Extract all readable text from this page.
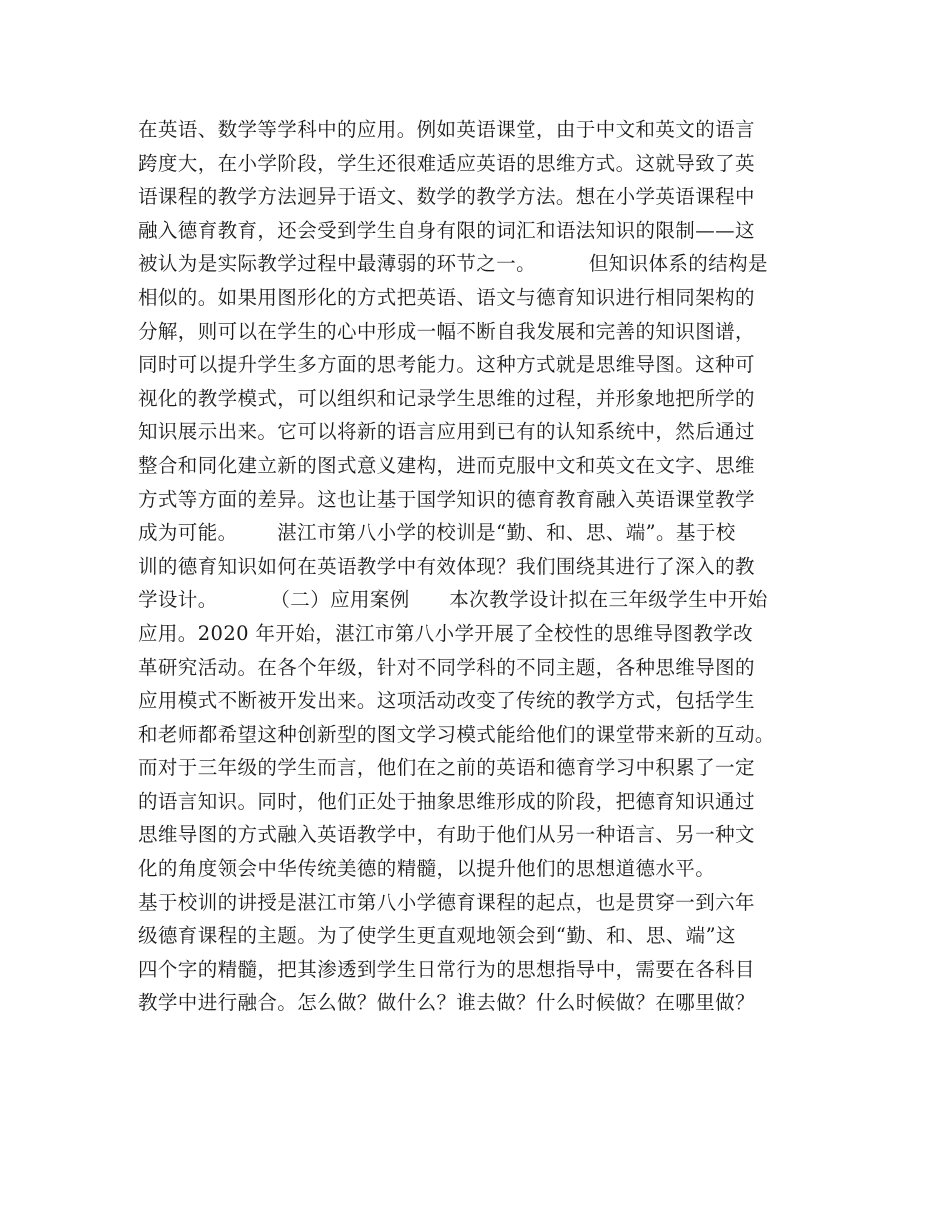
在英语、数学等学科中的应用。例如英语课堂，由于中文和英文的语言
跨度大，在小学阶段，学生还很难适应英语的思维方式。这就导致了英
语课程的教学方法迥异于语文、数学的教学方法。想在小学英语课程中
融入德育教育，还会受到学生自身有限的词汇和语法知识的限制——这
被认为是实际教学过程中最薄弱的环节之一。        但知识体系的结构是
相似的。如果用图形化的方式把英语、语文与德育知识进行相同架构的
分解，则可以在学生的心中形成一幅不断自我发展和完善的知识图谱，
同时可以提升学生多方面的思考能力。这种方式就是思维导图。这种可
视化的教学模式，可以组织和记录学生思维的过程，并形象地把所学的
知识展示出来。它可以将新的语言应用到已有的认知系统中，然后通过
整合和同化建立新的图式意义建构，进而克服中文和英文在文字、思维
方式等方面的差异。这也让基于国学知识的德育教育融入英语课堂教学
成为可能。      湛江市第八小学的校训是“勤、和、思、端”。基于校
训的德育知识如何在英语教学中有效体现？我们围绕其进行了深入的教
学设计。        （二）应用案例      本次教学设计拟在三年级学生中开始
应用。2020 年开始，湛江市第八小学开展了全校性的思维导图教学改
革研究活动。在各个年级，针对不同学科的不同主题，各种思维导图的
应用模式不断被开发出来。这项活动改变了传统的教学方式，包括学生
和老师都希望这种创新型的图文学习模式能给他们的课堂带来新的互动。
而对于三年级的学生而言，他们在之前的英语和德育学习中积累了一定
的语言知识。同时，他们正处于抽象思维形成的阶段，把德育知识通过
思维导图的方式融入英语教学中，有助于他们从另一种语言、另一种文
化的角度领会中华传统美德的精髓，以提升他们的思想道德水平。
基于校训的讲授是湛江市第八小学德育课程的起点，也是贯穿一到六年
级德育课程的主题。为了使学生更直观地领会到“勤、和、思、端”这
四个字的精髓，把其渗透到学生日常行为的思想指导中，需要在各科目
教学中进行融合。怎么做？做什么？谁去做？什么时候做？在哪里做？
